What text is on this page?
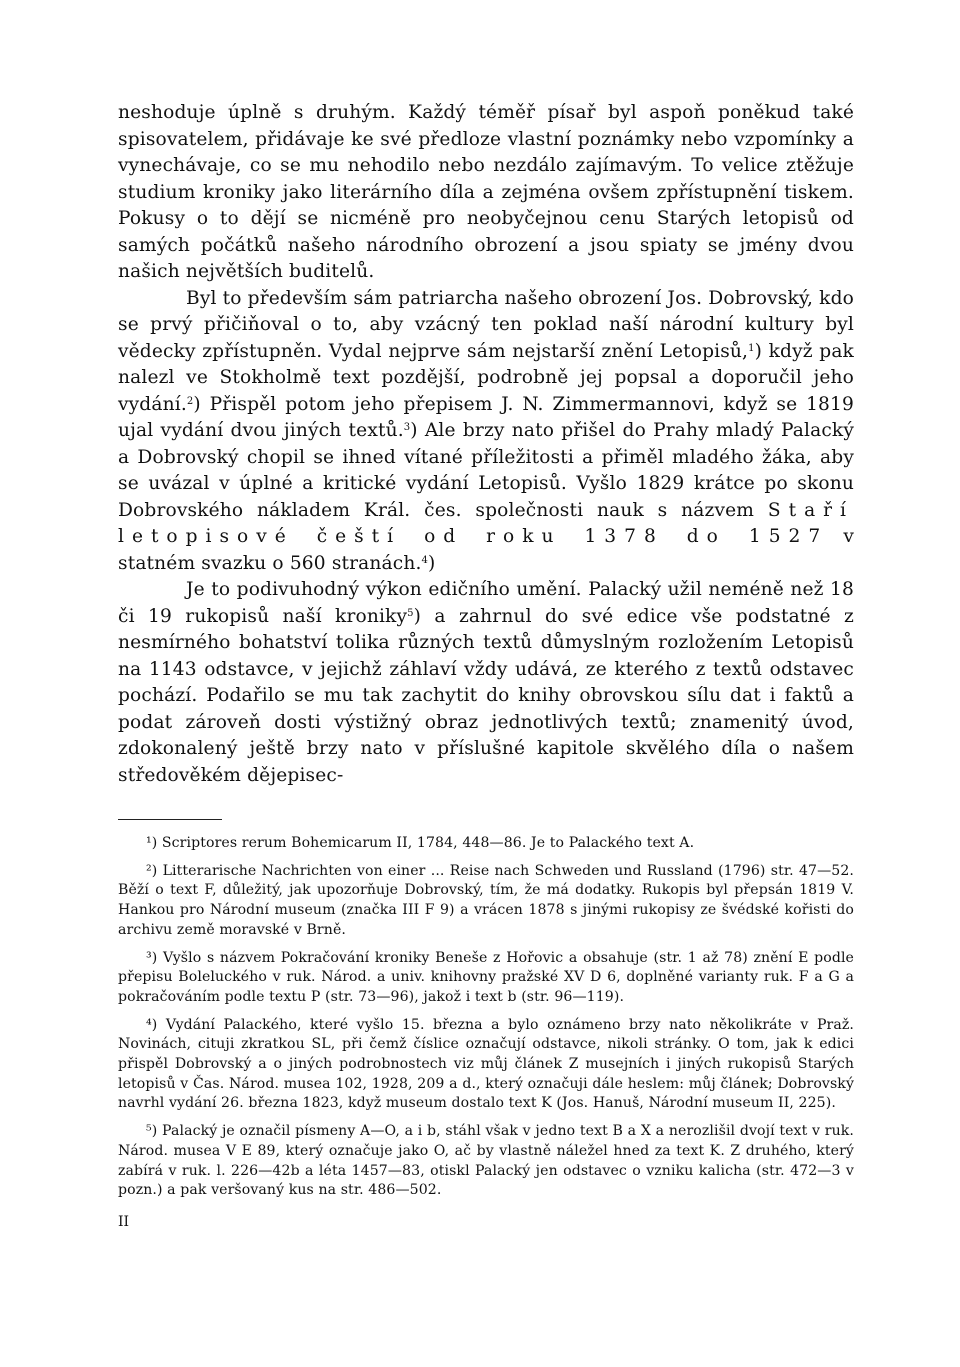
neshoduje úplně s druhým. Každý téměř písař byl aspoň poněkud také spisovatelem, přidávaje ke své předloze vlastní poznámky nebo vzpomínky a vynechávaje, co se mu nehodilo nebo nezdálo zajímavým. To velice ztěžuje studium kroniky jako literárního díla a zejména ovšem zpřístupnění tiskem. Pokusy o to dějí se nicméně pro neobyčejnou cenu Starých letopisů od samých počátků našeho národního obrození a jsou spiaty se jmény dvou našich největších buditelů.

Byl to především sám patriarcha našeho obrození Jos. Dobrovský, kdo se prvý přičiňoval o to, aby vzácný ten poklad naší národní kultury byl vědecky zpřístupněn. Vydal nejprve sám nejstarší znění Letopisů,$^1$) když pak nalezl ve Stokholmě text pozdější, podrobně jej popsal a doporučil jeho vydání.$^2$) Přispěl potom jeho přepisem J. N. Zimmermannovi, když se 1819 ujal vydání dvou jiných textů.$^3$) Ale brzy nato přišel do Prahy mladý Palacký a Dobrovský chopil se ihned vítané příležitosti a přiměl mladého žáka, aby se uvázal v úplné a kritické vydání Letopisů. Vyšlo 1829 krátce po skonu Dobrovského nákladem Král. čes. společnosti nauk s názvem Staří letopisové čeští od roku 1378 do 1527 v statném svazku o 560 stranách.$^4$)

Je to podivuhodný výkon edičního umění. Palacký užil neméně než 18 či 19 rukopisů naší kroniky$^5$) a zahrnul do své edice vše podstatné z nesmírného bohatství tolika různých textů důmyslným rozložením Letopisů na 1143 odstavce, v jejichž záhlaví vždy udává, ze kterého z textů odstavec pochází. Podařilo se mu tak zachytit do knihy obrovskou sílu dat i faktů a podat zároveň dosti výstižný obraz jednotlivých textů; znamenitý úvod, zdokonalený ještě brzy nato v příslušné kapitole skvělého díla o našem středověkém dějepisec-

¹) Scriptores rerum Bohemicarum II, 1784, 448—86. Je to Palackého text A.

²) Litterarische Nachrichten von einer ... Reise nach Schweden und Russland (1796) str. 47—52. Běží o text F, důležitý, jak upozorňuje Dobrovský, tím, že má dodatky. Rukopis byl přepsán 1819 V. Hankou pro Národní museum (značka III F 9) a vrácen 1878 s jinými rukopisy ze švédské kořisti do archivu země moravské v Brně.

³) Vyšlo s názvem Pokračování kroniky Beneše z Hořovic a obsahuje (str. 1 až 78) znění E podle přepisu Boleluckého v ruk. Národ. a univ. knihovny pražské XV D 6, doplněné varianty ruk. F a G a pokračováním podle textu P (str. 73—96), jakož i text b (str. 96—119).

⁴) Vydání Palackého, které vyšlo 15. března a bylo oznámeno brzy nato několikráte v Praž. Novinách, cituji zkratkou SL, při čemž číslice označují odstavce, nikoli stránky. O tom, jak k edici přispěl Dobrovský a o jiných podrobnostech viz můj článek Z musejních i jiných rukopisů Starých letopisů v Čas. Národ. musea 102, 1928, 209 a d., který označuji dále heslem: můj článek; Dobrovský navrhl vydání 26. března 1823, když museum dostalo text K (Jos. Hanuš, Národní museum II, 225).

⁵) Palacký je označil písmeny A—O, a i b, stáhl však v jedno text B a X a nerozlišil dvojí text v ruk. Národ. musea V E 89, který označuje jako O, ač by vlastně náležel hned za text K. Z druhého, který zabírá v ruk. l. 226—42b a léta 1457—83, otiskl Palacký jen odstavec o vzniku kalicha (str. 472—3 v pozn.) a pak veršovaný kus na str. 486—502.

II
